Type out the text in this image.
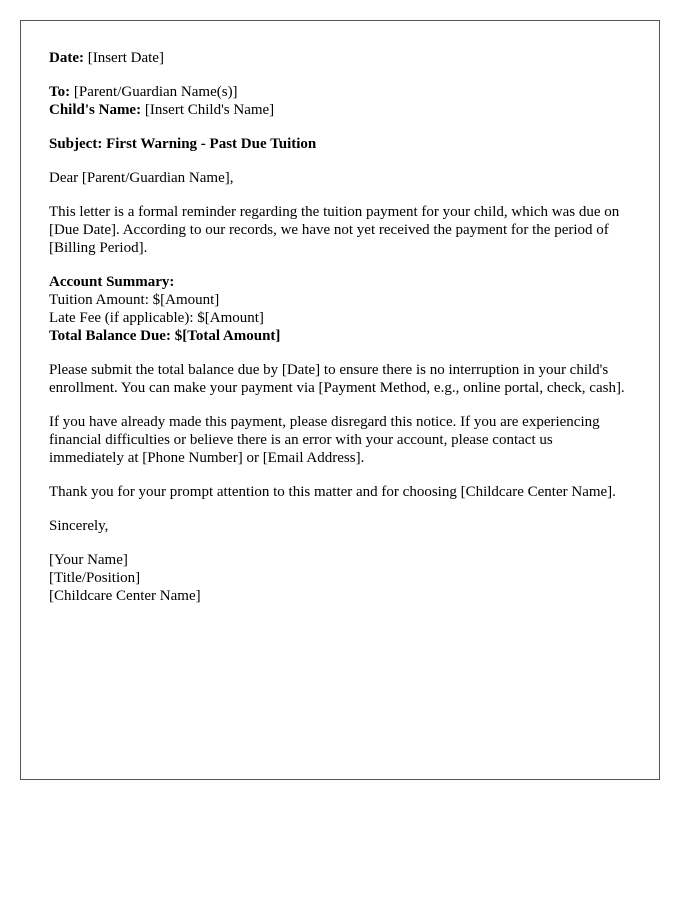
Date: [Insert Date]
To: [Parent/Guardian Name(s)]
Child's Name: [Insert Child's Name]
Subject: First Warning - Past Due Tuition
Dear [Parent/Guardian Name],
This letter is a formal reminder regarding the tuition payment for your child, which was due on [Due Date]. According to our records, we have not yet received the payment for the period of [Billing Period].
Account Summary:
Tuition Amount: $[Amount]
Late Fee (if applicable): $[Amount]
Total Balance Due: $[Total Amount]
Please submit the total balance due by [Date] to ensure there is no interruption in your child's enrollment. You can make your payment via [Payment Method, e.g., online portal, check, cash].
If you have already made this payment, please disregard this notice. If you are experiencing financial difficulties or believe there is an error with your account, please contact us immediately at [Phone Number] or [Email Address].
Thank you for your prompt attention to this matter and for choosing [Childcare Center Name].
Sincerely,
[Your Name]
[Title/Position]
[Childcare Center Name]
